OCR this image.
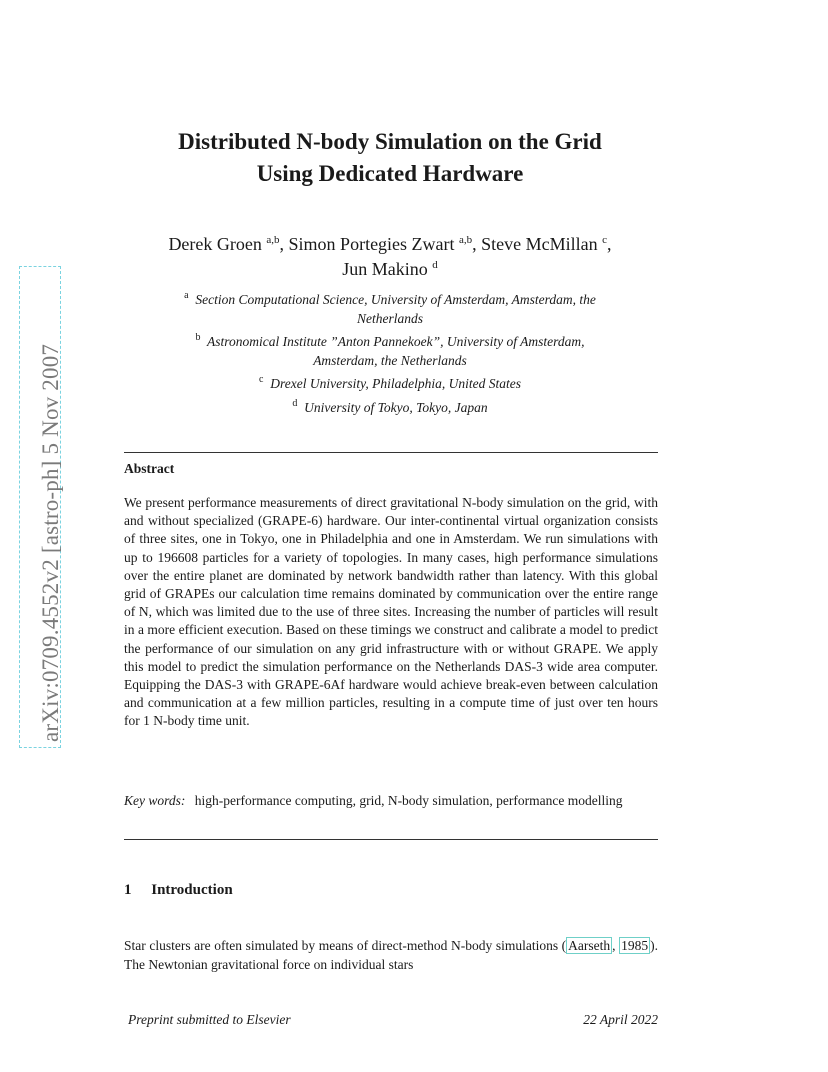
arXiv:0709.4552v2 [astro-ph] 5 Nov 2007
Distributed N-body Simulation on the Grid
Using Dedicated Hardware
Derek Groen $^{a,b}$, Simon Portegies Zwart $^{a,b}$, Steve McMillan $^c$,
Jun Makino $^d$
$^a$ Section Computational Science, University of Amsterdam, Amsterdam, the
Netherlands
$^b$ Astronomical Institute ”Anton Pannekoek”, University of Amsterdam,
Amsterdam, the Netherlands
$^c$ Drexel University, Philadelphia, United States
$^d$ University of Tokyo, Tokyo, Japan
Abstract
We present performance measurements of direct gravitational N-body simulation on the grid, with and without specialized (GRAPE-6) hardware. Our inter-continental virtual organization consists of three sites, one in Tokyo, one in Philadelphia and one in Amsterdam. We run simulations with up to 196608 particles for a variety of topologies. In many cases, high performance simulations over the entire planet are dominated by network bandwidth rather than latency. With this global grid of GRAPEs our calculation time remains dominated by communication over the entire range of N, which was limited due to the use of three sites. Increasing the number of particles will result in a more efficient execution. Based on these timings we construct and calibrate a model to predict the performance of our simulation on any grid infrastructure with or without GRAPE. We apply this model to predict the simulation performance on the Netherlands DAS-3 wide area computer. Equipping the DAS-3 with GRAPE-6Af hardware would achieve break-even between calculation and communication at a few million particles, resulting in a compute time of just over ten hours for 1 N-body time unit.
Key words: high-performance computing, grid, N-body simulation, performance modelling
1 Introduction
Star clusters are often simulated by means of direct-method N-body simulations ( Aarseth , 1985 ). The Newtonian gravitational force on individual stars
Preprint submitted to Elsevier	22 April 2022
